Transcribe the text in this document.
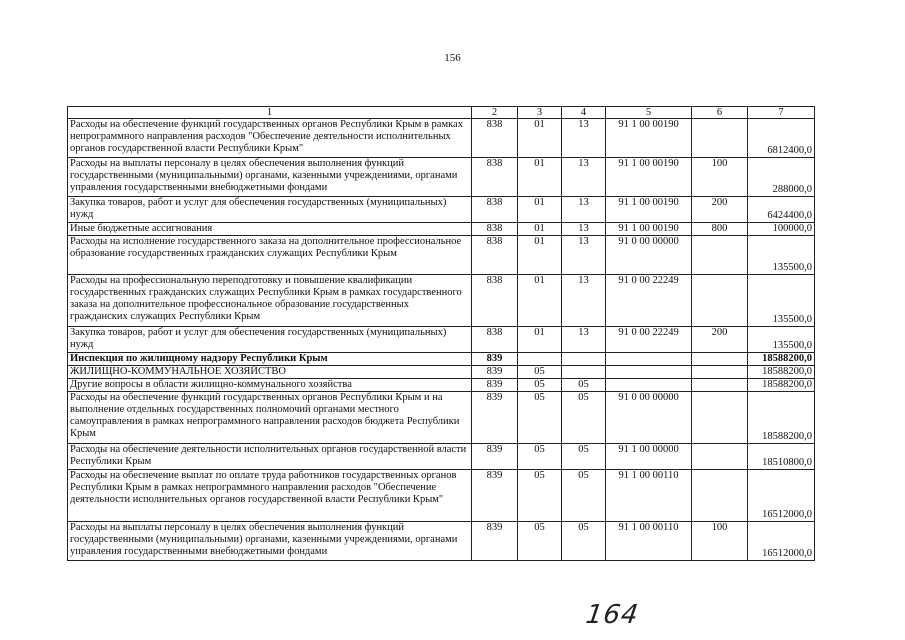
156
1	2	3	4	5	6	7
Расходы на обеспечение функций государственных органов Республики Крым в рамках непрограммного направления расходов "Обеспечение деятельности исполнительных органов государственной власти Республики Крым"	838	01	13	91 1 00 00190		6812400,0
Расходы на выплаты персоналу в целях обеспечения выполнения функций государственными (муниципальными) органами, казенными учреждениями, органами управления государственными внебюджетными фондами	838	01	13	91 1 00 00190	100	288000,0
Закупка товаров, работ и услуг для обеспечения государственных (муниципальных) нужд	838	01	13	91 1 00 00190	200	6424400,0
Иные бюджетные ассигнования	838	01	13	91 1 00 00190	800	100000,0
Расходы на исполнение государственного заказа на дополнительное профессиональное образование государственных гражданских служащих Республики Крым	838	01	13	91 0 00 00000		135500,0
Расходы на профессиональную переподготовку и повышение квалификации государственных гражданских служащих Республики Крым в рамках государственного заказа на дополнительное профессиональное образование государственных гражданских служащих Республики Крым	838	01	13	91 0 00 22249		135500,0
Закупка товаров, работ и услуг для обеспечения государственных (муниципальных) нужд	838	01	13	91 0 00 22249	200	135500,0
Инспекция по жилищному надзору Республики Крым	839					18588200,0
ЖИЛИЩНО-КОММУНАЛЬНОЕ ХОЗЯЙСТВО	839	05				18588200,0
Другие вопросы в области жилищно-коммунального хозяйства	839	05	05			18588200,0
Расходы на обеспечение функций государственных органов Республики Крым и на выполнение отдельных государственных полномочий органами местного самоуправления в рамках непрограммного направления расходов бюджета Республики Крым	839	05	05	91 0 00 00000		18588200,0
Расходы на обеспечение деятельности исполнительных органов государственной власти Республики Крым	839	05	05	91 1 00 00000		18510800,0
Расходы на обеспечение выплат по оплате труда работников государственных органов Республики Крым в рамках непрограммного направления расходов "Обеспечение деятельности исполнительных органов государственной власти Республики Крым"	839	05	05	91 1 00 00110		16512000,0
Расходы на выплаты персоналу в целях обеспечения выполнения функций государственными (муниципальными) органами, казенными учреждениями, органами управления государственными внебюджетными фондами	839	05	05	91 1 00 00110	100	16512000,0
164
